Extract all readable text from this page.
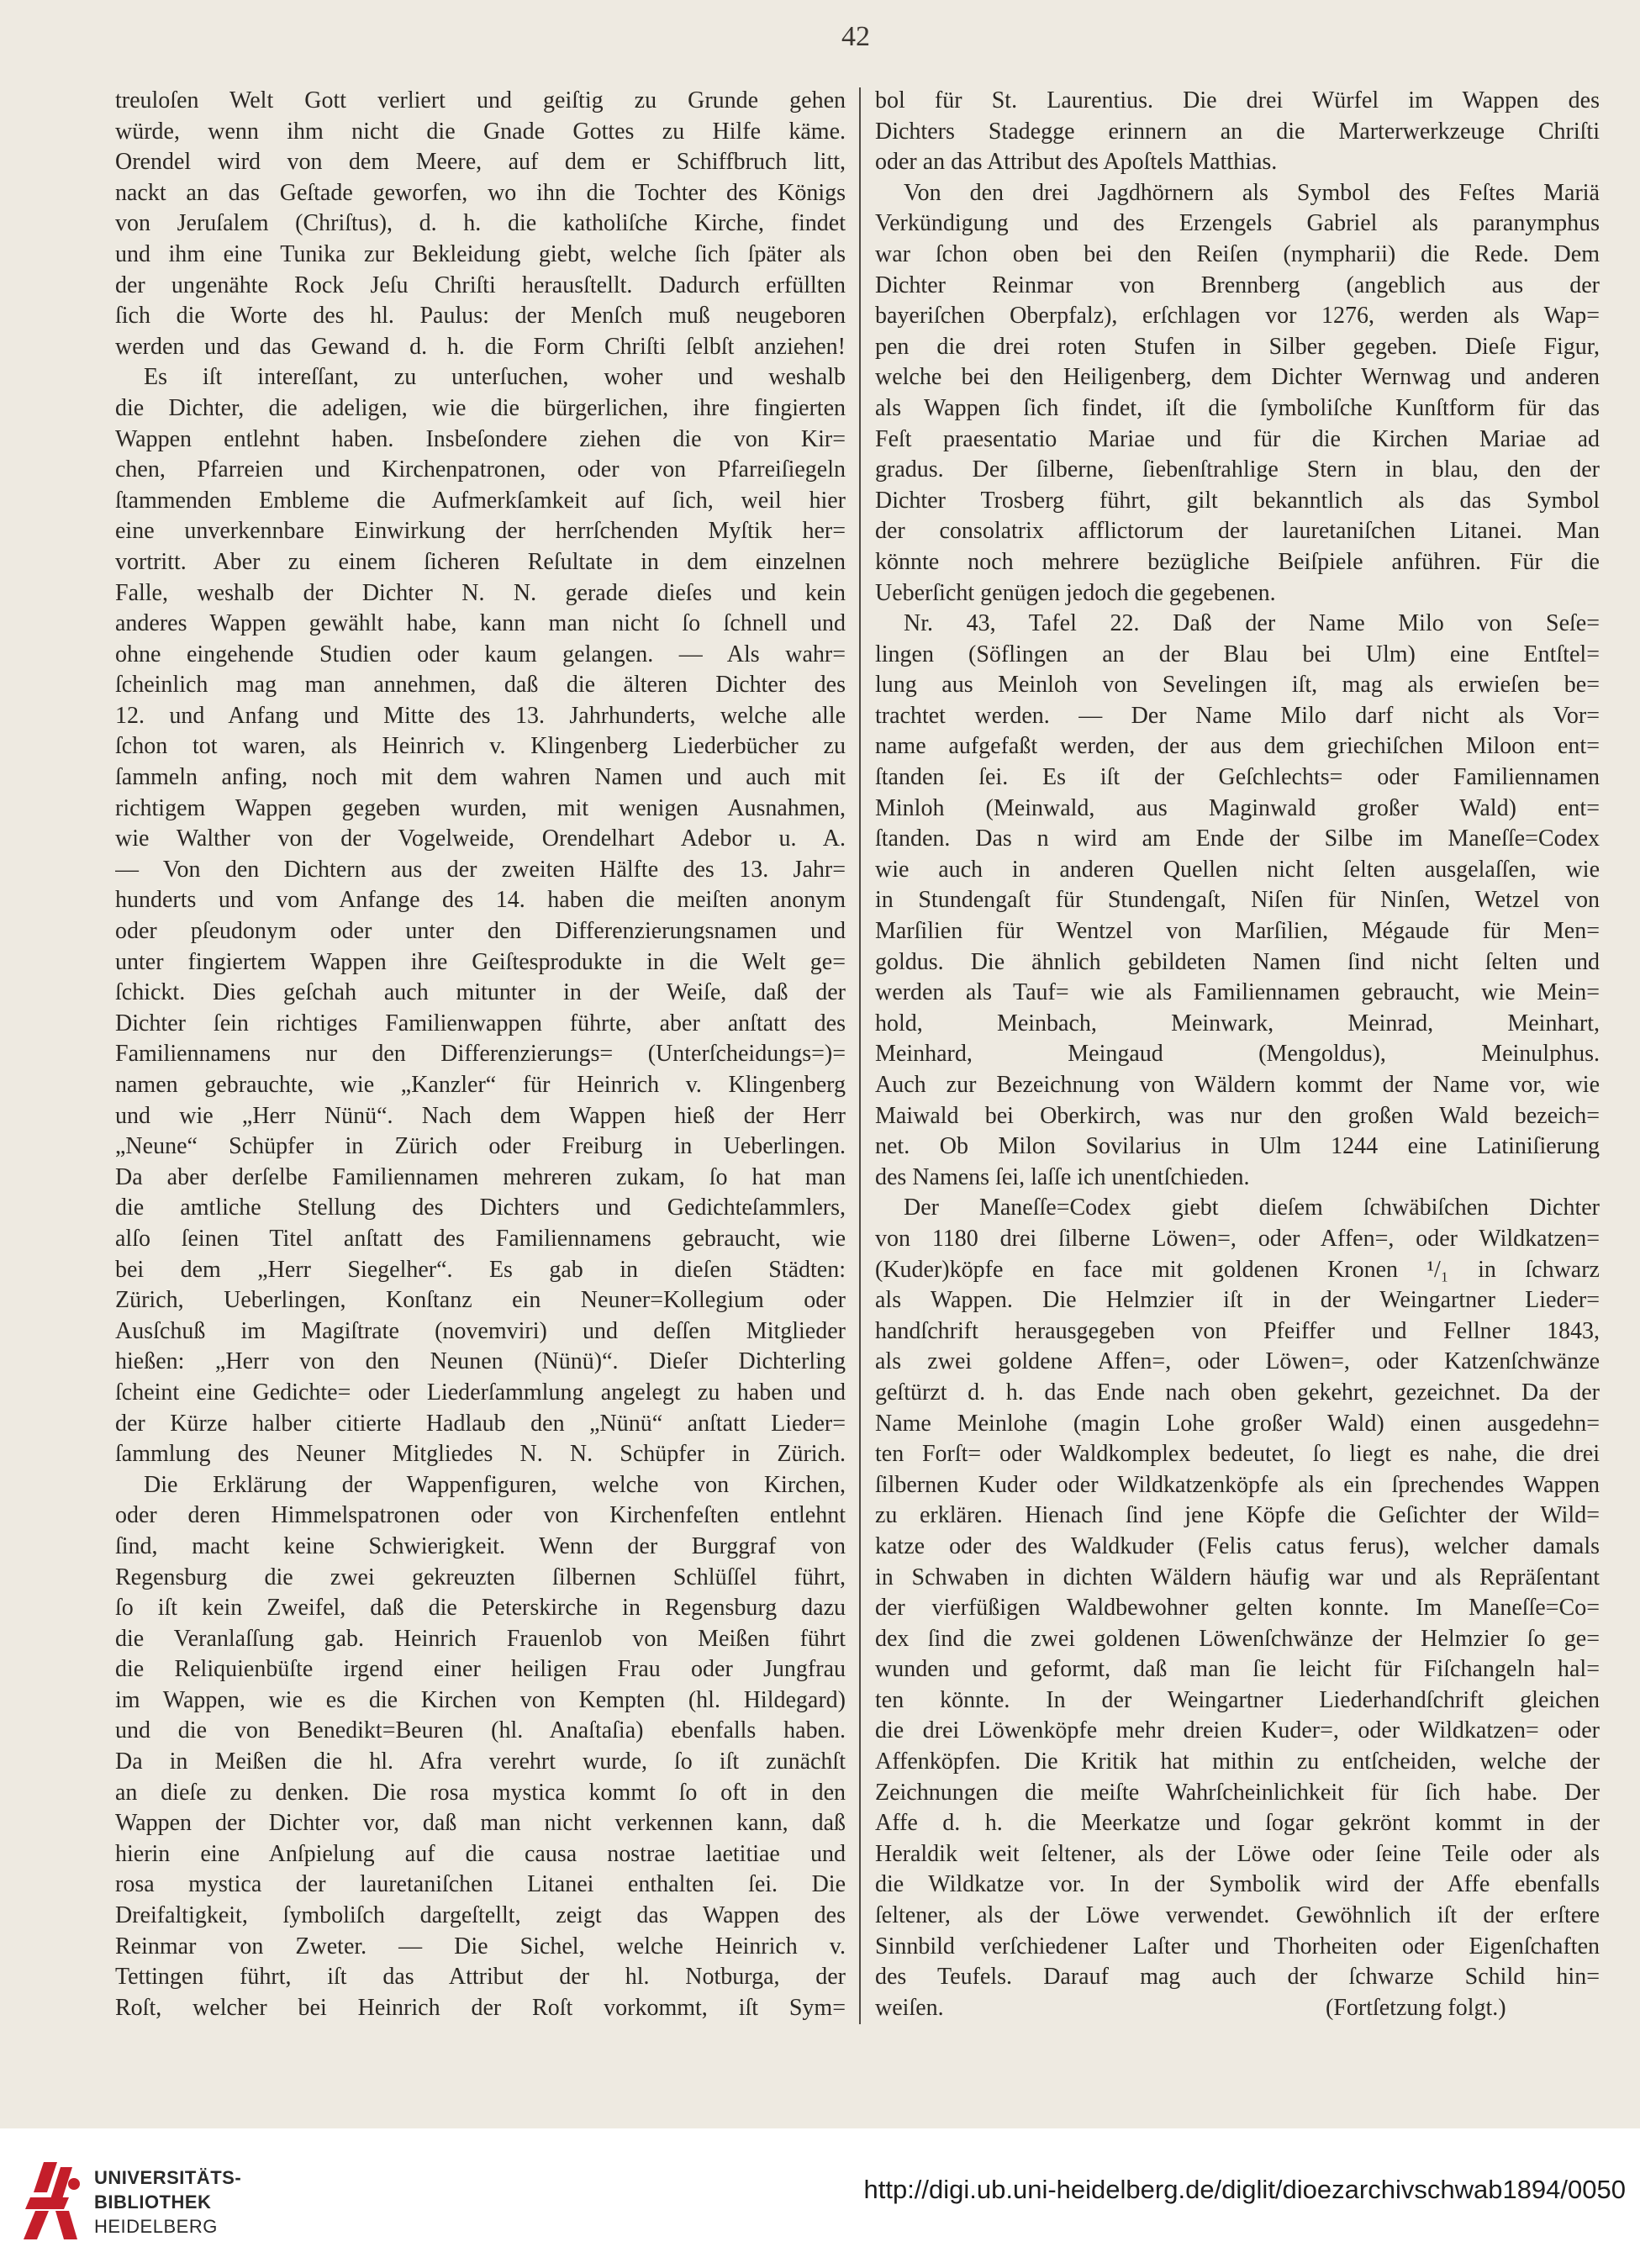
42
treuloſen Welt Gott verliert und geiſtig zu Grunde gehen
würde, wenn ihm nicht die Gnade Gottes zu Hilfe käme.
Orendel wird von dem Meere, auf dem er Schiffbruch litt,
nackt an das Geſtade geworfen, wo ihn die Tochter des Königs
von Jeruſalem (Chriſtus), d. h. die katholiſche Kirche, findet
und ihm eine Tunika zur Bekleidung giebt, welche ſich ſpäter als
der ungenähte Rock Jeſu Chriſti herausſtellt. Dadurch erfüllten
ſich die Worte des hl. Paulus: der Menſch muß neugeboren
werden und das Gewand d. h. die Form Chriſti ſelbſt anziehen!
Es iſt intereſſant, zu unterſuchen, woher und weshalb
die Dichter, die adeligen, wie die bürgerlichen, ihre fingierten
Wappen entlehnt haben. Insbeſondere ziehen die von Kir=
chen, Pfarreien und Kirchenpatronen, oder von Pfarreiſiegeln
ſtammenden Embleme die Aufmerkſamkeit auf ſich, weil hier
eine unverkennbare Einwirkung der herrſchenden Myſtik her=
vortritt. Aber zu einem ſicheren Reſultate in dem einzelnen
Falle, weshalb der Dichter N. N. gerade dieſes und kein
anderes Wappen gewählt habe, kann man nicht ſo ſchnell und
ohne eingehende Studien oder kaum gelangen. — Als wahr=
ſcheinlich mag man annehmen, daß die älteren Dichter des
12. und Anfang und Mitte des 13. Jahrhunderts, welche alle
ſchon tot waren, als Heinrich v. Klingenberg Liederbücher zu
ſammeln anfing, noch mit dem wahren Namen und auch mit
richtigem Wappen gegeben wurden, mit wenigen Ausnahmen,
wie Walther von der Vogelweide, Orendelhart Adebor u. A.
— Von den Dichtern aus der zweiten Hälfte des 13. Jahr=
hunderts und vom Anfange des 14. haben die meiſten anonym
oder pſeudonym oder unter den Differenzierungsnamen und
unter fingiertem Wappen ihre Geiſtesprodukte in die Welt ge=
ſchickt. Dies geſchah auch mitunter in der Weiſe, daß der
Dichter ſein richtiges Familienwappen führte, aber anſtatt des
Familiennamens nur den Differenzierungs= (Unterſcheidungs=)=
namen gebrauchte, wie „Kanzler“ für Heinrich v. Klingenberg
und wie „Herr Nünü“. Nach dem Wappen hieß der Herr
„Neune“ Schüpfer in Zürich oder Freiburg in Ueberlingen.
Da aber derſelbe Familiennamen mehreren zukam, ſo hat man
die amtliche Stellung des Dichters und Gedichteſammlers,
alſo ſeinen Titel anſtatt des Familiennamens gebraucht, wie
bei dem „Herr Siegelher“. Es gab in dieſen Städten:
Zürich, Ueberlingen, Konſtanz ein Neuner=Kollegium oder
Ausſchuß im Magiſtrate (novemviri) und deſſen Mitglieder
hießen: „Herr von den Neunen (Nünü)“. Dieſer Dichterling
ſcheint eine Gedichte= oder Liederſammlung angelegt zu haben und
der Kürze halber citierte Hadlaub den „Nünü“ anſtatt Lieder=
ſammlung des Neuner Mitgliedes N. N. Schüpfer in Zürich.
Die Erklärung der Wappenfiguren, welche von Kirchen,
oder deren Himmelspatronen oder von Kirchenfeſten entlehnt
ſind, macht keine Schwierigkeit. Wenn der Burggraf von
Regensburg die zwei gekreuzten ſilbernen Schlüſſel führt,
ſo iſt kein Zweifel, daß die Peterskirche in Regensburg dazu
die Veranlaſſung gab. Heinrich Frauenlob von Meißen führt
die Reliquienbüſte irgend einer heiligen Frau oder Jungfrau
im Wappen, wie es die Kirchen von Kempten (hl. Hildegard)
und die von Benedikt=Beuren (hl. Anaſtaſia) ebenfalls haben.
Da in Meißen die hl. Afra verehrt wurde, ſo iſt zunächſt
an dieſe zu denken. Die rosa mystica kommt ſo oft in den
Wappen der Dichter vor, daß man nicht verkennen kann, daß
hierin eine Anſpielung auf die causa nostrae laetitiae und
rosa mystica der lauretaniſchen Litanei enthalten ſei. Die
Dreifaltigkeit, ſymboliſch dargeſtellt, zeigt das Wappen des
Reinmar von Zweter. — Die Sichel, welche Heinrich v.
Tettingen führt, iſt das Attribut der hl. Notburga, der
Roſt, welcher bei Heinrich der Roſt vorkommt, iſt Sym=
bol für St. Laurentius. Die drei Würfel im Wappen des
Dichters Stadegge erinnern an die Marterwerkzeuge Chriſti
oder an das Attribut des Apoſtels Matthias.
Von den drei Jagdhörnern als Symbol des Feſtes Mariä
Verkündigung und des Erzengels Gabriel als paranymphus
war ſchon oben bei den Reiſen (nympharii) die Rede. Dem
Dichter Reinmar von Brennberg (angeblich aus der
bayeriſchen Oberpfalz), erſchlagen vor 1276, werden als Wap=
pen die drei roten Stufen in Silber gegeben. Dieſe Figur,
welche bei den Heiligenberg, dem Dichter Wernwag und anderen
als Wappen ſich findet, iſt die ſymboliſche Kunſtform für das
Feſt praesentatio Mariae und für die Kirchen Mariae ad
gradus. Der ſilberne, ſiebenſtrahlige Stern in blau, den der
Dichter Trosberg führt, gilt bekanntlich als das Symbol
der consolatrix afflictorum der lauretaniſchen Litanei. Man
könnte noch mehrere bezügliche Beiſpiele anführen. Für die
Ueberſicht genügen jedoch die gegebenen.
Nr. 43, Tafel 22. Daß der Name Milo von Seſe=
lingen (Söflingen an der Blau bei Ulm) eine Entſtel=
lung aus Meinloh von Sevelingen iſt, mag als erwieſen be=
trachtet werden. — Der Name Milo darf nicht als Vor=
name aufgefaßt werden, der aus dem griechiſchen Miloon ent=
ſtanden ſei. Es iſt der Geſchlechts= oder Familiennamen
Minloh (Meinwald, aus Maginwald großer Wald) ent=
ſtanden. Das n wird am Ende der Silbe im Maneſſe=Codex
wie auch in anderen Quellen nicht ſelten ausgelaſſen, wie
in Stundengaſt für Stundengaſt, Niſen für Ninſen, Wetzel von
Marſilien für Wentzel von Marſilien, Mégaude für Men=
goldus. Die ähnlich gebildeten Namen ſind nicht ſelten und
werden als Tauf= wie als Familiennamen gebraucht, wie Mein=
hold, Meinbach, Meinwark, Meinrad, Meinhart,
Meinhard, Meingaud (Mengoldus), Meinulphus.
Auch zur Bezeichnung von Wäldern kommt der Name vor, wie
Maiwald bei Oberkirch, was nur den großen Wald bezeich=
net. Ob Milon Sovilarius in Ulm 1244 eine Latiniſierung
des Namens ſei, laſſe ich unentſchieden.
Der Maneſſe=Codex giebt dieſem ſchwäbiſchen Dichter
von 1180 drei ſilberne Löwen=, oder Affen=, oder Wildkatzen=
(Kuder)köpfe en face mit goldenen Kronen ¹/₁ in ſchwarz
als Wappen. Die Helmzier iſt in der Weingartner Lieder=
handſchrift herausgegeben von Pfeiffer und Fellner 1843,
als zwei goldene Affen=, oder Löwen=, oder Katzenſchwänze
geſtürzt d. h. das Ende nach oben gekehrt, gezeichnet. Da der
Name Meinlohe (magin Lohe großer Wald) einen ausgedehn=
ten Forſt= oder Waldkomplex bedeutet, ſo liegt es nahe, die drei
ſilbernen Kuder oder Wildkatzenköpfe als ein ſprechendes Wappen
zu erklären. Hienach ſind jene Köpfe die Geſichter der Wild=
katze oder des Waldkuder (Felis catus ferus), welcher damals
in Schwaben in dichten Wäldern häufig war und als Repräſentant
der vierfüßigen Waldbewohner gelten konnte. Im Maneſſe=Co=
dex ſind die zwei goldenen Löwenſchwänze der Helmzier ſo ge=
wunden und geformt, daß man ſie leicht für Fiſchangeln hal=
ten könnte. In der Weingartner Liederhandſchrift gleichen
die drei Löwenköpfe mehr dreien Kuder=, oder Wildkatzen= oder
Affenköpfen. Die Kritik hat mithin zu entſcheiden, welche der
Zeichnungen die meiſte Wahrſcheinlichkeit für ſich habe. Der
Affe d. h. die Meerkatze und ſogar gekrönt kommt in der
Heraldik weit ſeltener, als der Löwe oder ſeine Teile oder als
die Wildkatze vor. In der Symbolik wird der Affe ebenfalls
ſeltener, als der Löwe verwendet. Gewöhnlich iſt der erſtere
Sinnbild verſchiedener Laſter und Thorheiten oder Eigenſchaften
des Teufels. Darauf mag auch der ſchwarze Schild hin=
weiſen.	(Fortſetzung folgt.)
UNIVERSITÄTS-
BIBLIOTHEK
HEIDELBERG
http://digi.ub.uni-heidelberg.de/diglit/dioezarchivschwab1894/0050
